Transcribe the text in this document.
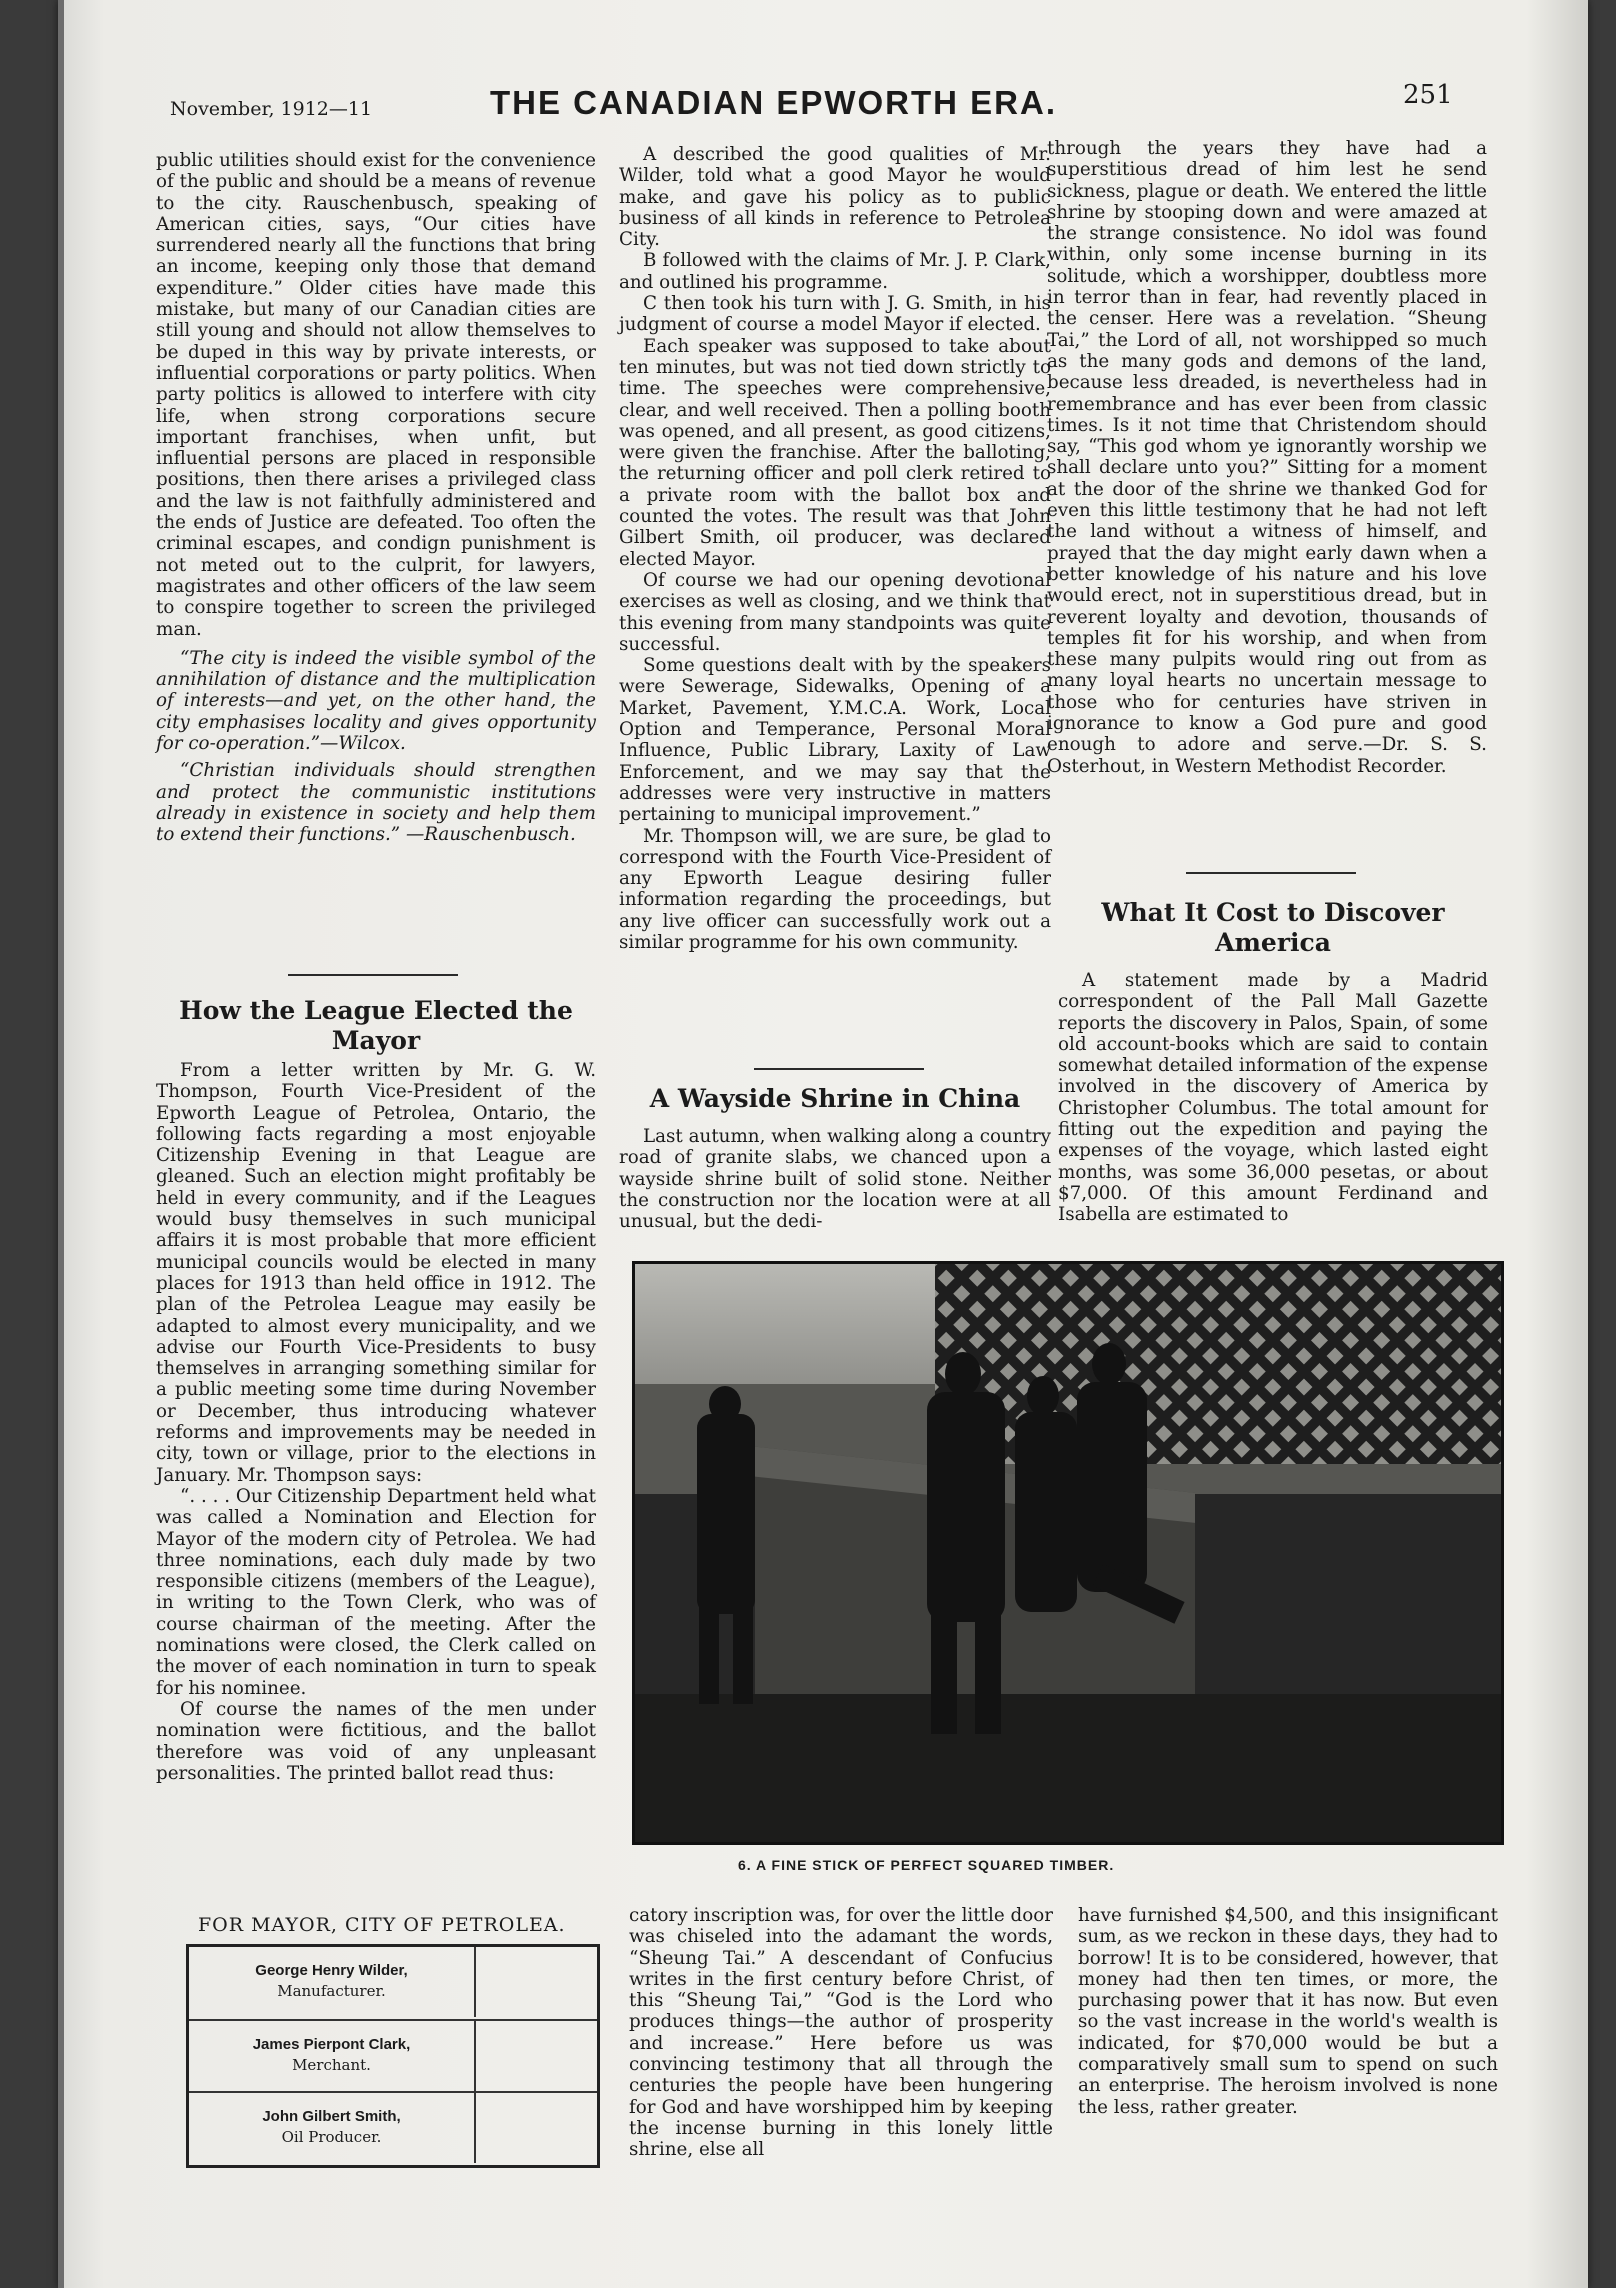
November, 1912—11	THE CANADIAN EPWORTH ERA.	251

public utilities should exist for the convenience of the public and should be a means of revenue to the city. Rauschenbusch, speaking of American cities, says, “Our cities have surrendered nearly all the functions that bring an income, keeping only those that demand expenditure.” Older cities have made this mistake, but many of our Canadian cities are still young and should not allow themselves to be duped in this way by private interests, or influential corporations or party politics. When party politics is allowed to interfere with city life, when strong corporations secure important franchises, when unfit, but influential persons are placed in responsible positions, then there arises a privileged class and the law is not faithfully administered and the ends of Justice are defeated. Too often the criminal escapes, and condign punishment is not meted out to the culprit, for lawyers, magistrates and other officers of the law seem to conspire together to screen the privileged man.

“The city is indeed the visible symbol of the annihilation of distance and the multiplication of interests—and yet, on the other hand, the city emphasises locality and gives opportunity for co-operation.”—Wilcox.

“Christian individuals should strengthen and protect the communistic institutions already in existence in society and help them to extend their functions.” —Rauschenbusch.

How the League Elected the Mayor

From a letter written by Mr. G. W. Thompson, Fourth Vice-President of the Epworth League of Petrolea, Ontario, the following facts regarding a most enjoyable Citizenship Evening in that League are gleaned. Such an election might profitably be held in every community, and if the Leagues would busy themselves in such municipal affairs it is most probable that more efficient municipal councils would be elected in many places for 1913 than held office in 1912. The plan of the Petrolea League may easily be adapted to almost every municipality, and we advise our Fourth Vice-Presidents to busy themselves in arranging something similar for a public meeting some time during November or December, thus introducing whatever reforms and improvements may be needed in city, town or village, prior to the elections in January. Mr. Thompson says:

“. . . . Our Citizenship Department held what was called a Nomination and Election for Mayor of the modern city of Petrolea. We had three nominations, each duly made by two responsible citizens (members of the League), in writing to the Town Clerk, who was of course chairman of the meeting. After the nominations were closed, the Clerk called on the mover of each nomination in turn to speak for his nominee.

Of course the names of the men under nomination were fictitious, and the ballot therefore was void of any unpleasant personalities. The printed ballot read thus:

FOR MAYOR, CITY OF PETROLEA.
George Henry Wilder,
Manufacturer.
James Pierpont Clark,
Merchant.
John Gilbert Smith,
Oil Producer.

A described the good qualities of Mr. Wilder, told what a good Mayor he would make, and gave his policy as to public business of all kinds in reference to Petrolea City.

B followed with the claims of Mr. J. P. Clark, and outlined his programme.

C then took his turn with J. G. Smith, in his judgment of course a model Mayor if elected.

Each speaker was supposed to take about ten minutes, but was not tied down strictly to time. The speeches were comprehensive, clear, and well received. Then a polling booth was opened, and all present, as good citizens, were given the franchise. After the balloting, the returning officer and poll clerk retired to a private room with the ballot box and counted the votes. The result was that John Gilbert Smith, oil producer, was declared elected Mayor.

Of course we had our opening devotional exercises as well as closing, and we think that this evening from many standpoints was quite successful.

Some questions dealt with by the speakers were Sewerage, Sidewalks, Opening of a Market, Pavement, Y.M.C.A. Work, Local Option and Temperance, Personal Moral Influence, Public Library, Laxity of Law Enforcement, and we may say that the addresses were very instructive in matters pertaining to municipal improvement.”

Mr. Thompson will, we are sure, be glad to correspond with the Fourth Vice-President of any Epworth League desiring fuller information regarding the proceedings, but any live officer can successfully work out a similar programme for his own community.

A Wayside Shrine in China

Last autumn, when walking along a country road of granite slabs, we chanced upon a wayside shrine built of solid stone. Neither the construction nor the location were at all unusual, but the dedi-

through the years they have had a superstitious dread of him lest he send sickness, plague or death. We entered the little shrine by stooping down and were amazed at the strange consistence. No idol was found within, only some incense burning in its solitude, which a worshipper, doubtless more in terror than in fear, had revently placed in the censer. Here was a revelation. “Sheung Tai,” the Lord of all, not worshipped so much as the many gods and demons of the land, because less dreaded, is nevertheless had in remembrance and has ever been from classic times. Is it not time that Christendom should say, “This god whom ye ignorantly worship we shall declare unto you?” Sitting for a moment at the door of the shrine we thanked God for even this little testimony that he had not left the land without a witness of himself, and prayed that the day might early dawn when a better knowledge of his nature and his love would erect, not in superstitious dread, but in reverent loyalty and devotion, thousands of temples fit for his worship, and when from these many pulpits would ring out from as many loyal hearts no uncertain message to those who for centuries have striven in ignorance to know a God pure and good enough to adore and serve.—Dr. S. S. Osterhout, in Western Methodist Recorder.

What It Cost to Discover America

A statement made by a Madrid correspondent of the Pall Mall Gazette reports the discovery in Palos, Spain, of some old account-books which are said to contain somewhat detailed information of the expense involved in the discovery of America by Christopher Columbus. The total amount for fitting out the expedition and paying the expenses of the voyage, which lasted eight months, was some 36,000 pesetas, or about $7,000. Of this amount Ferdinand and Isabella are estimated to

6. A FINE STICK OF PERFECT SQUARED TIMBER.

catory inscription was, for over the little door was chiseled into the adamant the words, “Sheung Tai.” A descendant of Confucius writes in the first century before Christ, of this “Sheung Tai,” “God is the Lord who produces things—the author of prosperity and increase.” Here before us was convincing testimony that all through the centuries the people have been hungering for God and have worshipped him by keeping the incense burning in this lonely little shrine, else all

have furnished $4,500, and this insignificant sum, as we reckon in these days, they had to borrow! It is to be considered, however, that money had then ten times, or more, the purchasing power that it has now. But even so the vast increase in the world's wealth is indicated, for $70,000 would be but a comparatively small sum to spend on such an enterprise. The heroism involved is none the less, rather greater.
